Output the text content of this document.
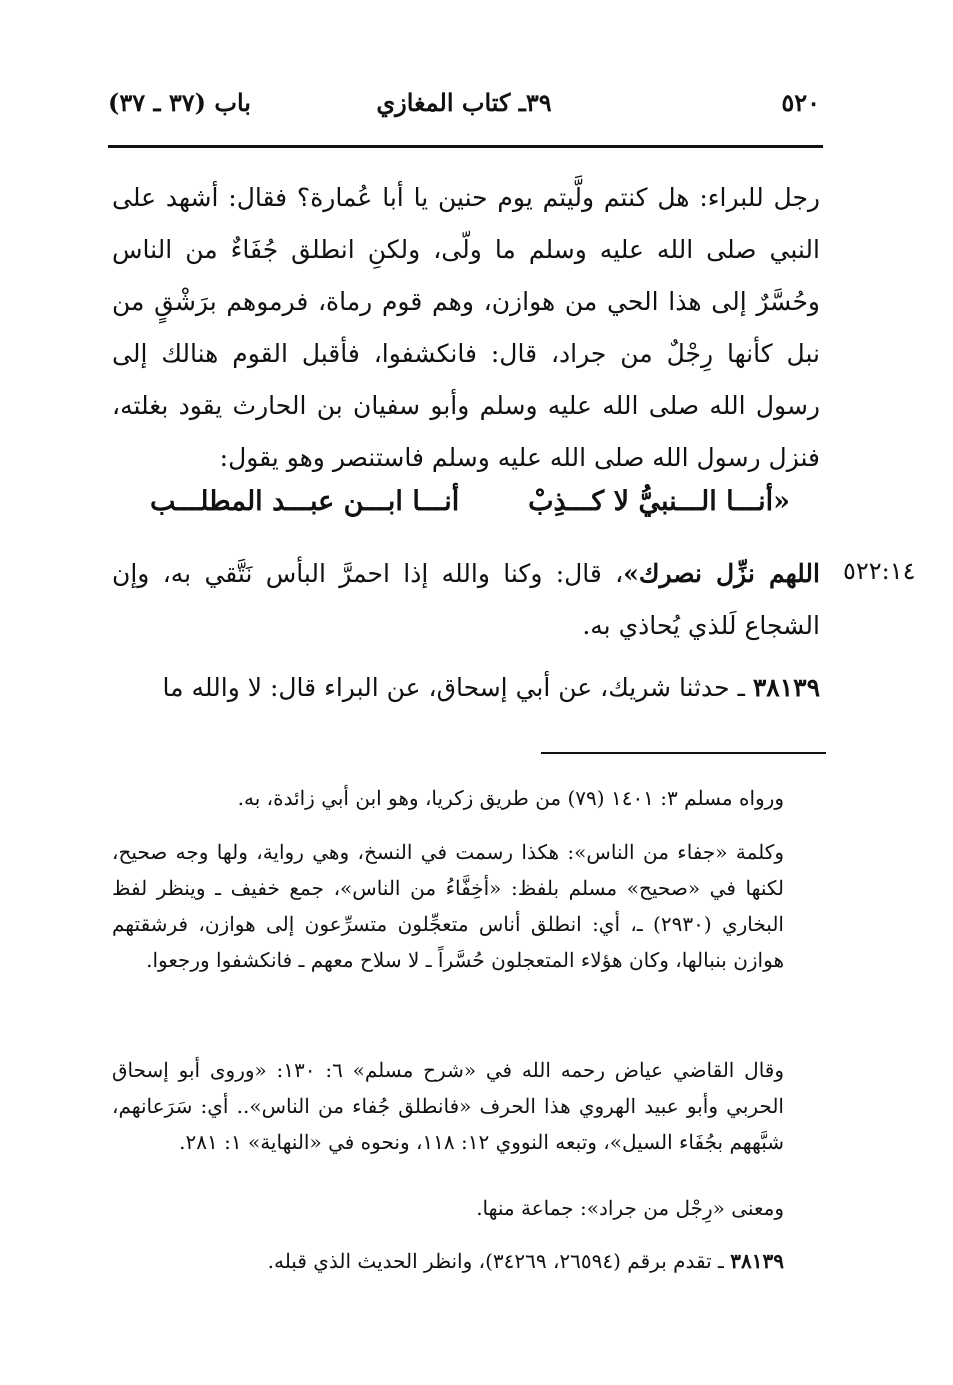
٥٢٠
٣٩ـ كتاب المغازي
باب (٣٧ ـ ٣٧)

رجل للبراء: هل كنتم ولَّيتم يوم حنين يا أبا عُمارة؟ فقال: أشهد على النبي صلى الله عليه وسلم ما ولّى، ولكنِ انطلق جُفَاءٌ من الناس وحُسَّرٌ إلى هذا الحي من هوازن، وهم قوم رماة، فرموهم برَشْقٍ من نبل كأنها رِجْلٌ من جراد، قال: فانكشفوا، فأقبل القوم هنالك إلى رسول الله صلى الله عليه وسلم وأبو سفيان بن الحارث يقود بغلته، فنزل رسول الله صلى الله عليه وسلم فاستنصر وهو يقول:

«أنـــا الـــنبيُّ لا كـــذِبْ
أنـــا ابـــن عبـــد المطلـــب
٥٢٢:١٤

اللهم نزِّل نصرك»، قال: وكنا والله إذا احمرَّ البأس نَتَّقي به، وإن الشجاع لَلذي يُحاذي به.

٣٨١٣٩ ـ حدثنا شريك، عن أبي إسحاق، عن البراء قال: لا والله ما

ورواه مسلم ٣: ١٤٠١ (٧٩) من طريق زكريا، وهو ابن أبي زائدة، به.

وكلمة «جفاء من الناس»: هكذا رسمت في النسخ، وهي رواية، ولها وجه صحيح، لكنها في «صحيح» مسلم بلفظ: «أخِفَّاءُ من الناس»، جمع خفيف ـ وينظر لفظ البخاري (٢٩٣٠) ـ، أي: انطلق أناس متعجِّلون متسرِّعون إلى هوازن، فرشقتهم هوازن بنبالها، وكان هؤلاء المتعجلون حُسَّراً ـ لا سلاح معهم ـ فانكشفوا ورجعوا.

وقال القاضي عياض رحمه الله في «شرح مسلم» ٦: ١٣٠: «وروى أبو إسحاق الحربي وأبو عبيد الهروي هذا الحرف «فانطلق جُفاء من الناس».. أي: سَرَعانهم، شبَّههم بجُفَاء السيل»، وتبعه النووي ١٢: ١١٨، ونحوه في «النهاية» ١: ٢٨١.

ومعنى «رِجْل من جراد»: جماعة منها.

٣٨١٣٩ ـ تقدم برقم (٢٦٥٩٤، ٣٤٢٦٩)، وانظر الحديث الذي قبله.
